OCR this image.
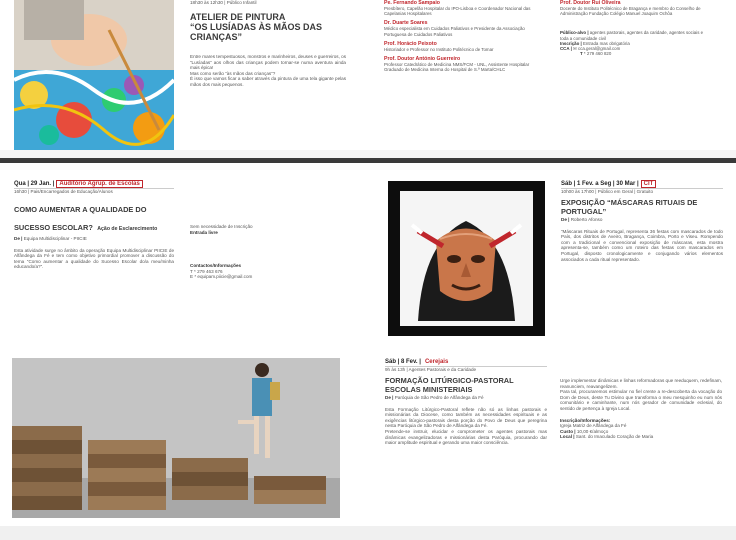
18h30 às 12h30 | Público Infantil
ATELIER DE PINTURA
“OS LUSÍADAS ÀS MÃOS DAS CRIANÇAS”
Entre mares tempestuosos, monstros e marinheiros, deuses e guerreiros, os “Lusíadas” aos olhos das crianças podem tornar-se numa aventura ainda mais épica!
Mas como serão “às mãos das crianças”?
É isso que vamos ficar a saber através da pintura de uma tela gigante pelas mãos dos mais pequenos.
Pe. Fernando Sampaio
Presbítero, Capelão Hospitalar do IPO-Lisboa e Coordenador Nacional das Capelanias Hospitalares
Dr. Duarte Soares
Médico especialista em Cuidados Paliativos e Presidente da Associação Portuguesa de Cuidados Paliativos
Prof. Horácio Peixoto
Historiador e Professor no Instituto Politécnico de Tomar
Prof. Doutor António Guerreiro
Professor Catedrático de Medicina NMS/FCM - UNL, Assistente Hospitalar Graduado de Medicina Interna do Hospital de S.ª Marta/CHLC
Prof. Doutor Rui Oliveira
Docente do Instituto Politécnico de Bragança e membro do Conselho de Administração Fundação Colégio Manuel Joaquim Ochôa
Público-alvo | agentes pastorais, agentes da caridade, agentes sociais e toda a comunidade civil
Inscrição | Entrada mas obrigatória
CCA | ✉ cca.geral@gmail.com
T * 279 460 820
Qua | 29 Jan. | Auditório Agrup. de Escolas
16h30 | Pais/Encarregados de Educação/Alunos
COMO AUMENTAR A QUALIDADE DO SUCESSO ESCOLAR? Ação de Esclarecimento
De | Equipa Multidisciplinar - PIICIE
Esta atividade surge no âmbito da operação Equipa Multidisciplinar PIICIE de Alfândega da Fé e tem como objetivo primordial promover a discussão do tema “Como aumentar a qualidade do Sucesso Escolar do/a meu/minha educando/a?”.
Sem necessidade de Inscrição
Entrada livre
Contactos/Informações
T * 279 463 676
E * equipam.piicie@gmail.com
Sáb | 1 Fev. a Seg | 30 Mar | CIT
10h00 às 17h00 | Público em Geral | Gratuito
EXPOSIÇÃO “MÁSCARAS RITUAIS DE PORTUGAL”
De | Roberto Afonso
“Máscaras Rituais de Portugal, representa 36 festas com mascarados de todo País, dos distritos de Aveiro, Bragança, Coimbra, Porto e Viseu. Rompendo com a tradicional e convencional exposição de máscaras, esta mostra apresenta-se, também como um roteiro das festas com mascarados em Portugal, disposto cronologicamente e conjugando vários elementos associados a cada ritual representado.
Sáb | 8 Fev. | Cerejais
9h às 13h | Agentes Pastorais e da Caridade
FORMAÇÃO LITÚRGICO-PASTORAL ESCOLAS MINISTERIAIS
De | Paróquia de São Pedro de Alfândega da Fé
Esta Formação Litúrgico-Pastoral reflete não só as linhas pastorais e missionárias da Diocese, como também as necessidades espirituais e as exigências litúrgico-pastorais desta porção do Povo de Deus que peregrina nesta Paróquia de São Pedro de Alfândega da Fé.
Pretende-se instruir, elucidar e comprometer os agentes pastorais mas dinâmicas evangelizadoras e missionárias desta Paróquia, procurando dar maior amplitude espiritual e gerando uma maior consciência.
Urge implementar dinâmicas e linhas reformadoras que reeduquem, redefinam, reanunciem, reavangelizem.
Para tal, procuraremos estimular no fiel crente a re-descoberta da vocação do Dom de Deus, deste Tu Divino que transforma o meu mesquinho eu num nós comunitário e caminhante, num nós gerador de comunidade eclesial, do sentido de pertença à Igreja Local.
Inscrição/Informações:
Igreja Matriz de Alfândega da Fé
Custo | 10,00 €/almoço
Local | Sant. do Imaculado Coração de Maria
